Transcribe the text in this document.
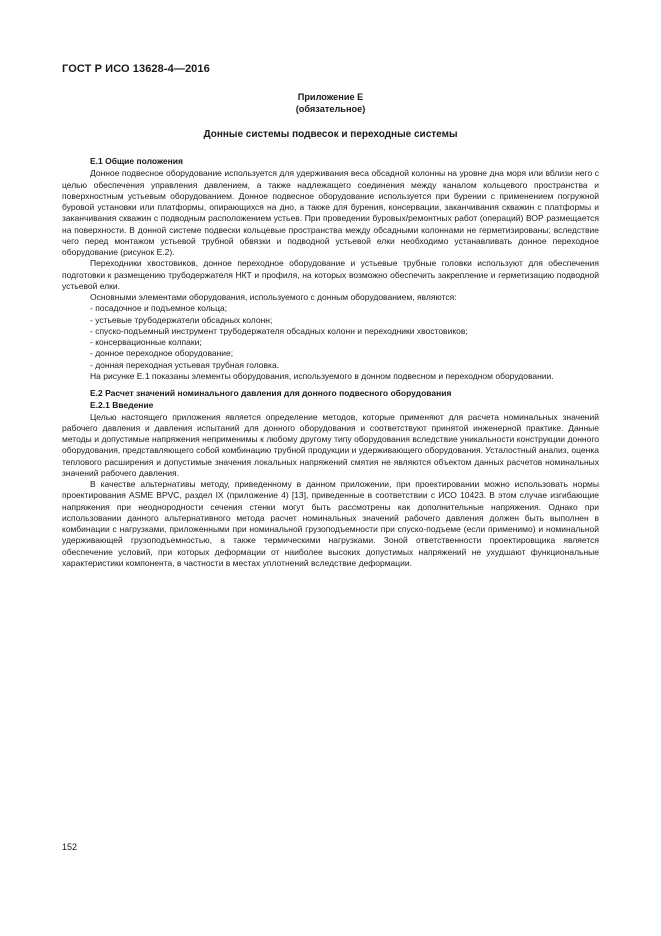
ГОСТ Р ИСО 13628-4—2016
Приложение Е
(обязательное)
Донные системы подвесок и переходные системы
Е.1 Общие положения

Донное подвесное оборудование используется для удерживания веса обсадной колонны на уровне дна моря или вблизи него с целью обеспечения управления давлением, а также надлежащего соединения между каналом кольцевого пространства и поверхностным устьевым оборудованием. Донное подвесное оборудование используется при бурении с применением погружной буровой установки или платформы, опирающихся на дно, а также для бурения, консервации, заканчивания скважин с платформы и заканчивания скважин с подводным расположением устьев. При проведении буровых/ремонтных работ (операций) ВОР размещается на поверхности. В донной системе подвески кольцевые пространства между обсадными колоннами не герметизированы; вследствие чего перед монтажом устьевой трубной обвязки и подводной устьевой елки необходимо устанавливать донное переходное оборудование (рисунок Е.2).

Переходники хвостовиков, донное переходное оборудование и устьевые трубные головки используют для обеспечения подготовки к размещению трубодержателя НКТ и профиля, на которых возможно обеспечить закрепление и герметизацию подводной устьевой елки.

Основными элементами оборудования, используемого с донным оборудованием, являются:

- посадочное и подъемное кольца;
- устьевые трубодержатели обсадных колонн;
- спуско-подъемный инструмент трубодержателя обсадных колонн и переходники хвостовиков;
- консервационные колпаки;
- донное переходное оборудование;
- донная переходная устьевая трубная головка.

На рисунке Е.1 показаны элементы оборудования, используемого в донном подвесном и переходном оборудовании.

Е.2 Расчет значений номинального давления для донного подвесного оборудования
Е.2.1 Введение

Целью настоящего приложения является определение методов, которые применяют для расчета номинальных значений рабочего давления и давления испытаний для донного оборудования и соответствуют принятой инженерной практике. Данные методы и допустимые напряжения неприменимы к любому другому типу оборудования вследствие уникальности конструкции донного оборудования, представляющего собой комбинацию трубной продукции и удерживающего оборудования. Усталостный анализ, оценка теплового расширения и допустимые значения локальных напряжений смятия не являются объектом данных расчетов номинальных значений рабочего давления.

В качестве альтернативы методу, приведенному в данном приложении, при проектировании можно использовать нормы проектирования ASME BPVC, раздел IX (приложение 4) [13], приведенные в соответствии с ИСО 10423. В этом случае изгибающие напряжения при неоднородности сечения стенки могут быть рассмотрены как дополнительные напряжения. Однако при использовании данного альтернативного метода расчет номинальных значений рабочего давления должен быть выполнен в комбинации с нагрузками, приложенными при номинальной грузоподъемности при спуско-подъеме (если применимо) и номинальной удерживающей грузоподъемностью, а также термическими нагрузками. Зоной ответственности проектировщика является обеспечение условий, при которых деформации от наиболее высоких допустимых напряжений не ухудшают функциональные характеристики компонента, в частности в местах уплотнений вследствие деформации.

152
